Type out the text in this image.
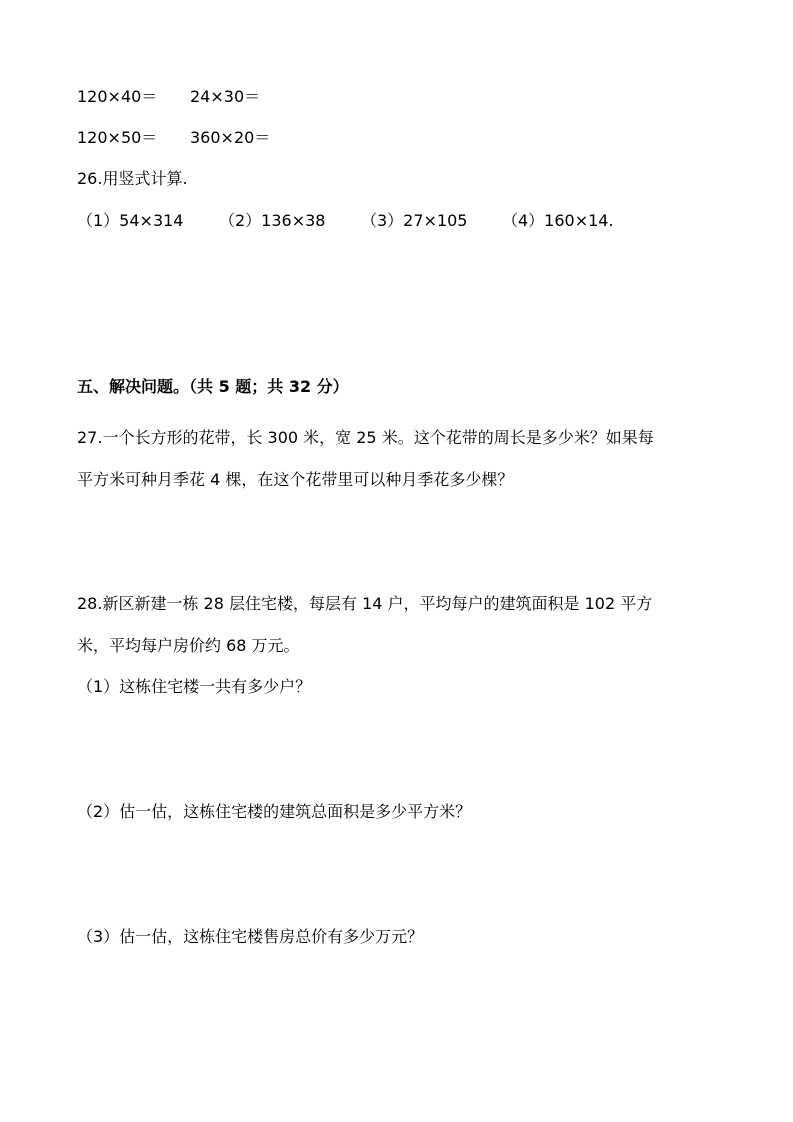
120×40＝ 24×30＝
120×50＝ 360×20＝
26.用竖式计算.
（1）54×314 （2）136×38 （3）27×105 （4）160×14.
五、解决问题。（共 5 题；共 32 分）
27.一个长方形的花带，长 300 米，宽 25 米。这个花带的周长是多少米？如果每
平方米可种月季花 4 棵，在这个花带里可以种月季花多少棵？
28.新区新建一栋 28 层住宅楼，每层有 14 户，平均每户的建筑面积是 102 平方
米，平均每户房价约 68 万元。
（1）这栋住宅楼一共有多少户？
（2）估一估，这栋住宅楼的建筑总面积是多少平方米？
（3）估一估，这栋住宅楼售房总价有多少万元？
